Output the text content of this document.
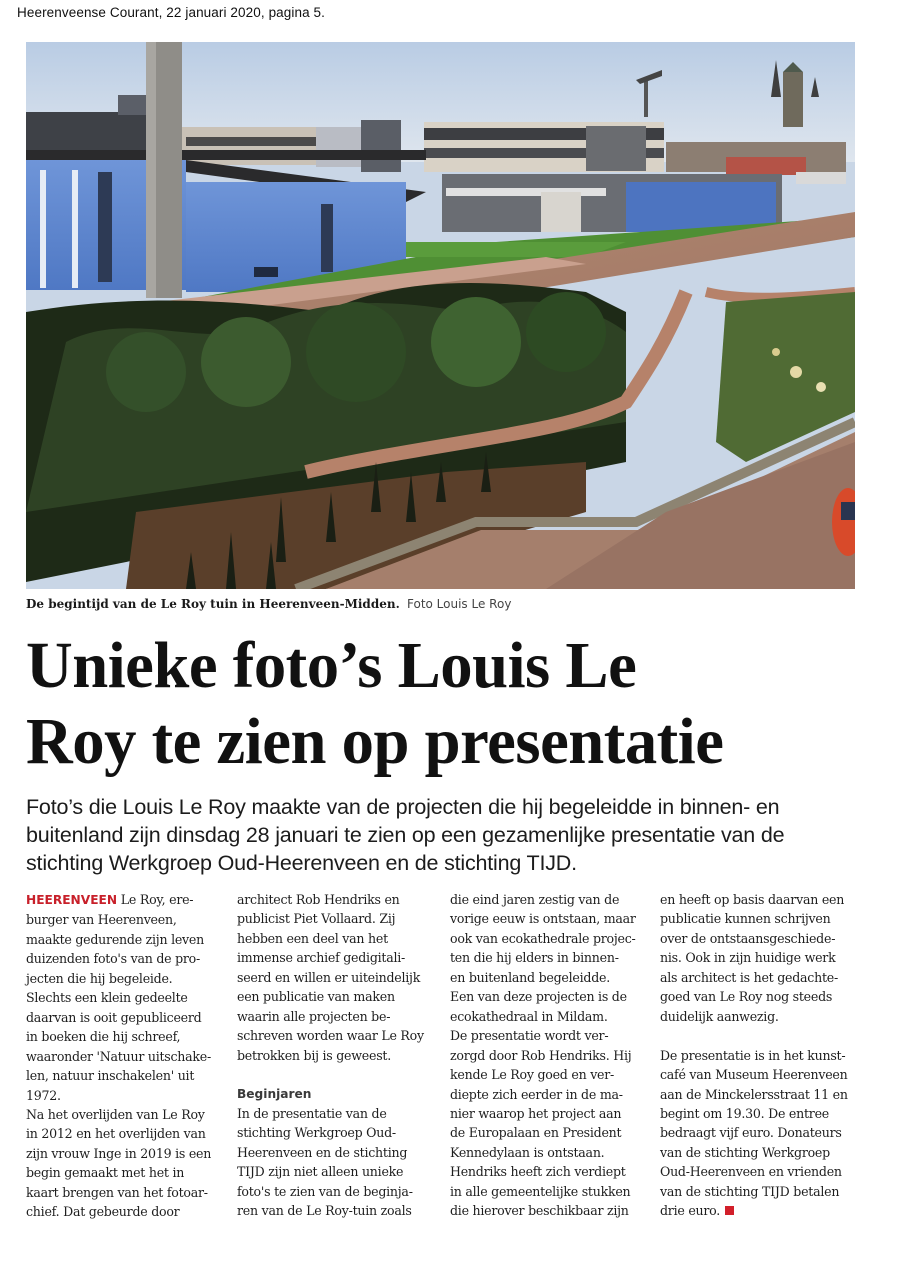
Heerenveense Courant, 22 januari 2020, pagina 5.
De begintijd van de Le Roy tuin in Heerenveen-Midden. Foto Louis Le Roy
Unieke foto’s Louis Le
Roy te zien op presentatie

Foto’s die Louis Le Roy maakte van de projecten die hij begeleidde in binnen- en
buitenland zijn dinsdag 28 januari te zien op een gezamenlijke presentatie van de
stichting Werkgroep Oud-Heerenveen en de stichting TIJD.

HEERENVEEN Le Roy, ere-
burger van Heerenveen,
maakte gedurende zijn leven
duizenden foto's van de pro-
jecten die hij begeleide.
Slechts een klein gedeelte
daarvan is ooit gepubliceerd
in boeken die hij schreef,
waaronder 'Natuur uitschake-
len, natuur inschakelen' uit
1972.
Na het overlijden van Le Roy
in 2012 en het overlijden van
zijn vrouw Inge in 2019 is een
begin gemaakt met het in
kaart brengen van het fotoar-
chief. Dat gebeurde door
architect Rob Hendriks en
publicist Piet Vollaard. Zij
hebben een deel van het
immense archief gedigitali-
seerd en willen er uiteindelijk
een publicatie van maken
waarin alle projecten be-
schreven worden waar Le Roy
betrokken bij is geweest.
Beginjaren
In de presentatie van de
stichting Werkgroep Oud-
Heerenveen en de stichting
TIJD zijn niet alleen unieke
foto's te zien van de beginja-
ren van de Le Roy-tuin zoals
die eind jaren zestig van de
vorige eeuw is ontstaan, maar
ook van ecokathedrale projec-
ten die hij elders in binnen-
en buitenland begeleidde.
Een van deze projecten is de
ecokathedraal in Mildam.
De presentatie wordt ver-
zorgd door Rob Hendriks. Hij
kende Le Roy goed en ver-
diepte zich eerder in de ma-
nier waarop het project aan
de Europalaan en President
Kennedylaan is ontstaan.
Hendriks heeft zich verdiept
in alle gemeentelijke stukken
die hierover beschikbaar zijn
en heeft op basis daarvan een
publicatie kunnen schrijven
over de ontstaansgeschiede-
nis. Ook in zijn huidige werk
als architect is het gedachte-
goed van Le Roy nog steeds
duidelijk aanwezig.
De presentatie is in het kunst-
café van Museum Heerenveen
aan de Minckelersstraat 11 en
begint om 19.30. De entree
bedraagt vijf euro. Donateurs
van de stichting Werkgroep
Oud-Heerenveen en vrienden
van de stichting TIJD betalen
drie euro.
